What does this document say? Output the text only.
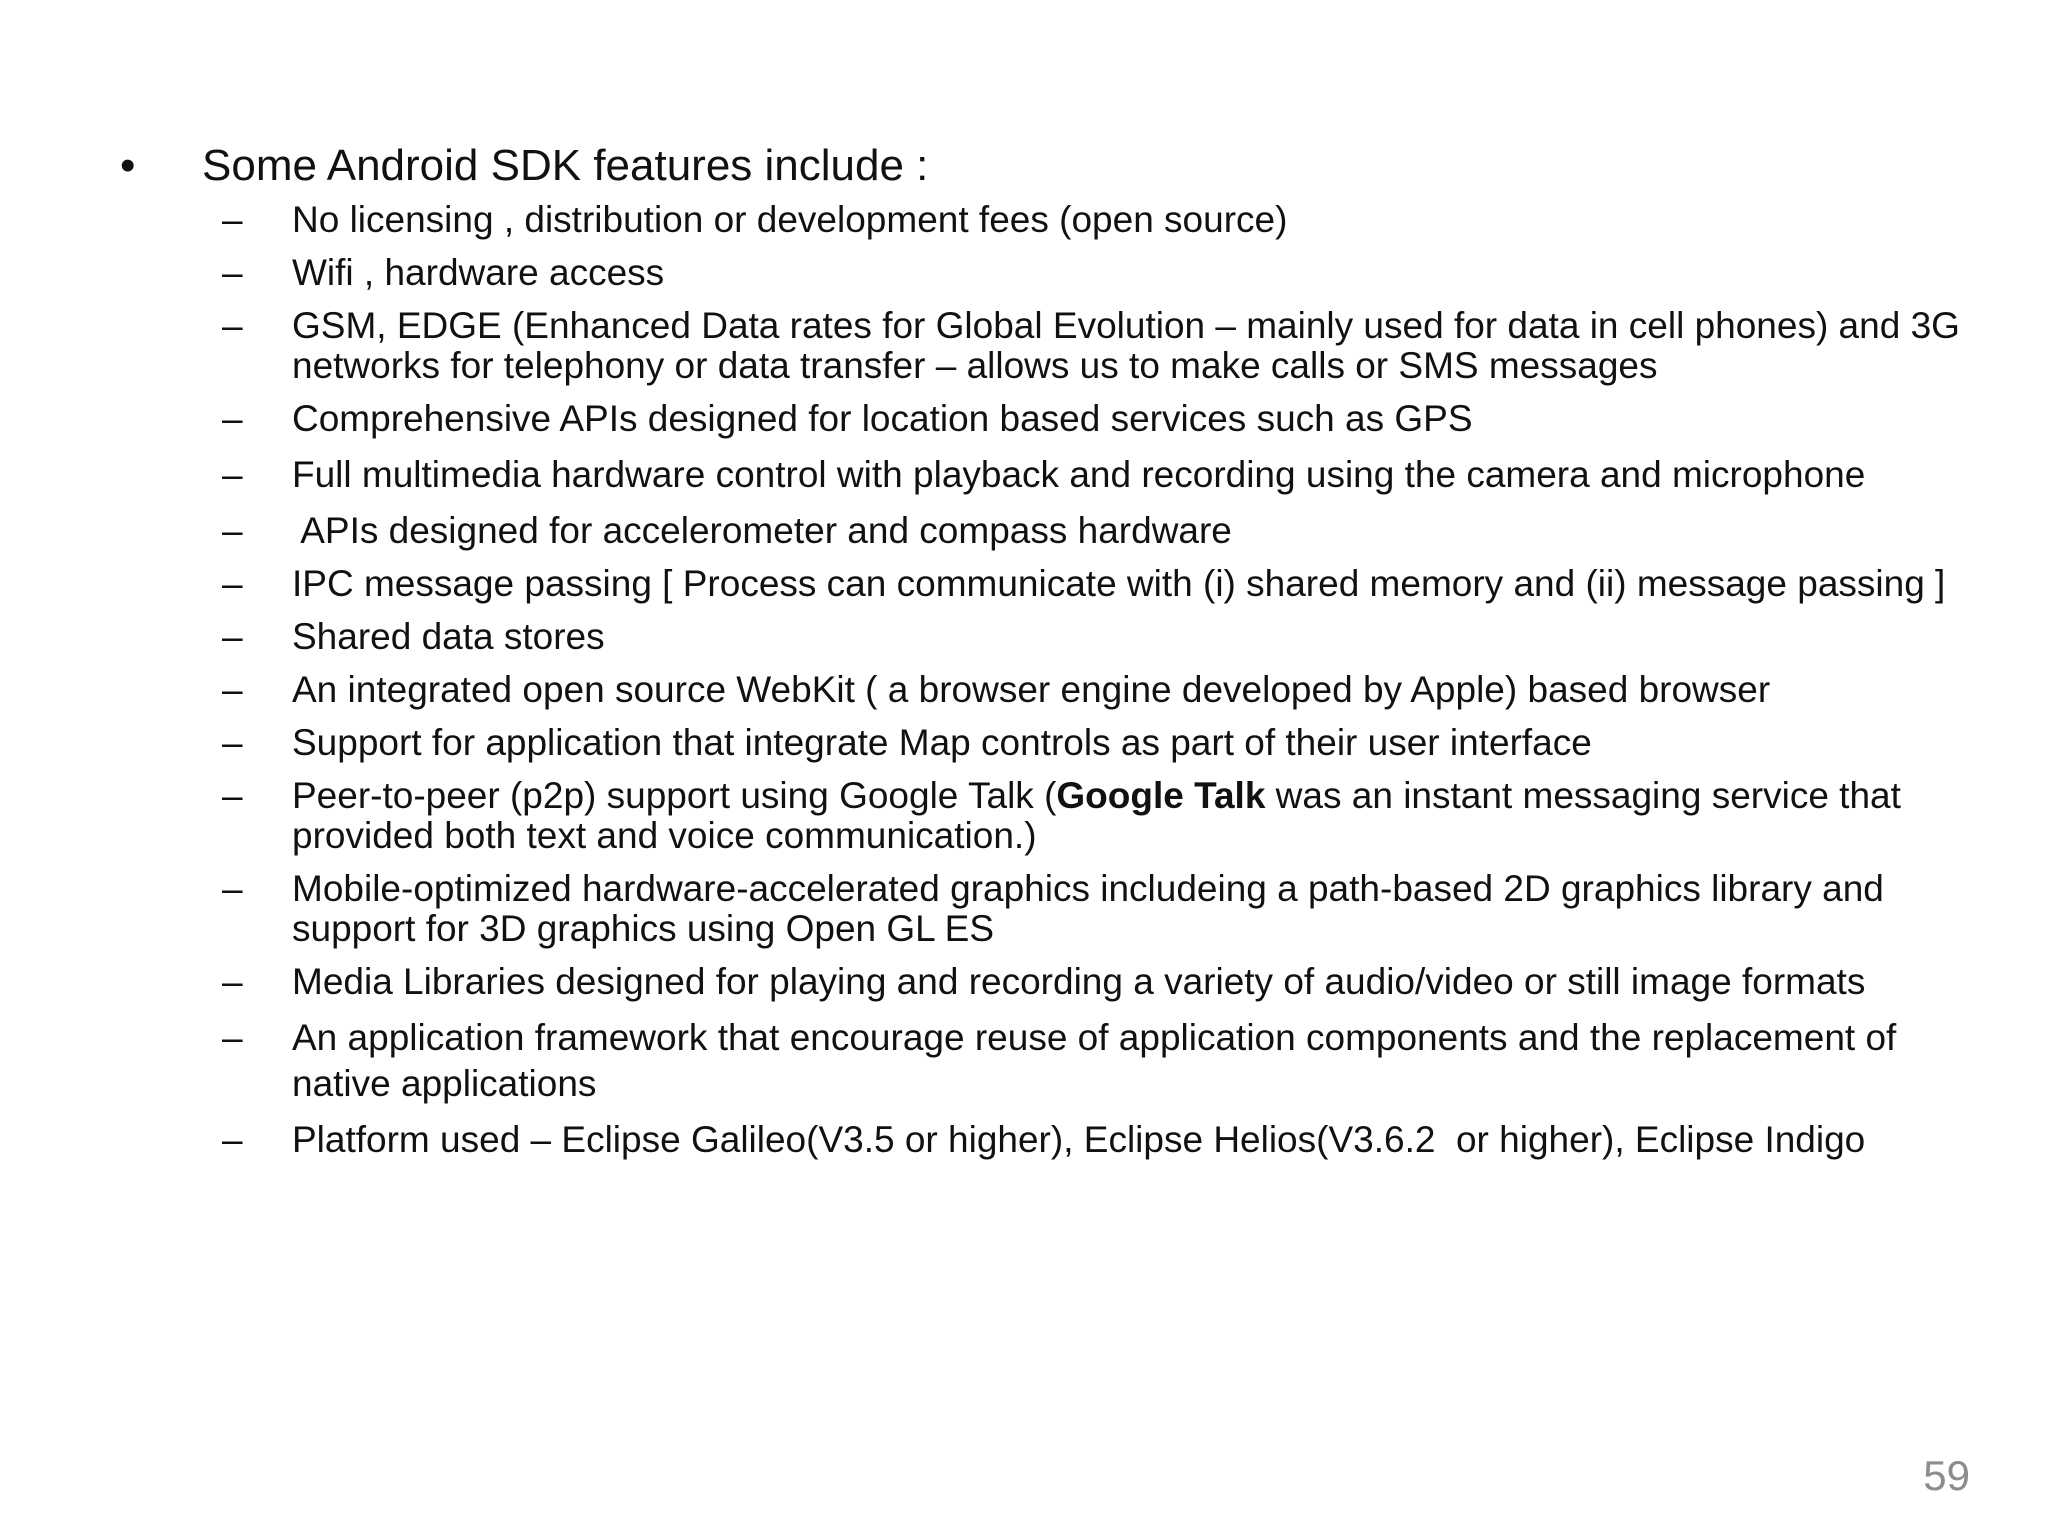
•	Some Android SDK features include :
– No licensing , distribution or development fees (open source)
– Wifi , hardware access
– GSM, EDGE (Enhanced Data rates for Global Evolution – mainly used for data in cell phones) and 3G networks for telephony or data transfer – allows us to make calls or SMS messages
– Comprehensive APIs designed for location based services such as GPS
– Full multimedia hardware control with playback and recording using the camera and microphone
– APIs designed for accelerometer and compass hardware
– IPC message passing [ Process can communicate with (i) shared memory and (ii) message passing ]
– Shared data stores
– An integrated open source WebKit ( a browser engine developed by Apple) based browser
– Support for application that integrate Map controls as part of their user interface
– Peer-to-peer (p2p) support using Google Talk (Google Talk was an instant messaging service that provided both text and voice communication.)
– Mobile-optimized hardware-accelerated graphics includeing a path-based 2D graphics library and support for 3D graphics using Open GL ES
– Media Libraries designed for playing and recording a variety of audio/video or still image formats
– An application framework that encourage reuse of application components and the replacement of native applications
– Platform used – Eclipse Galileo(V3.5 or higher), Eclipse Helios(V3.6.2  or higher), Eclipse Indigo
59
